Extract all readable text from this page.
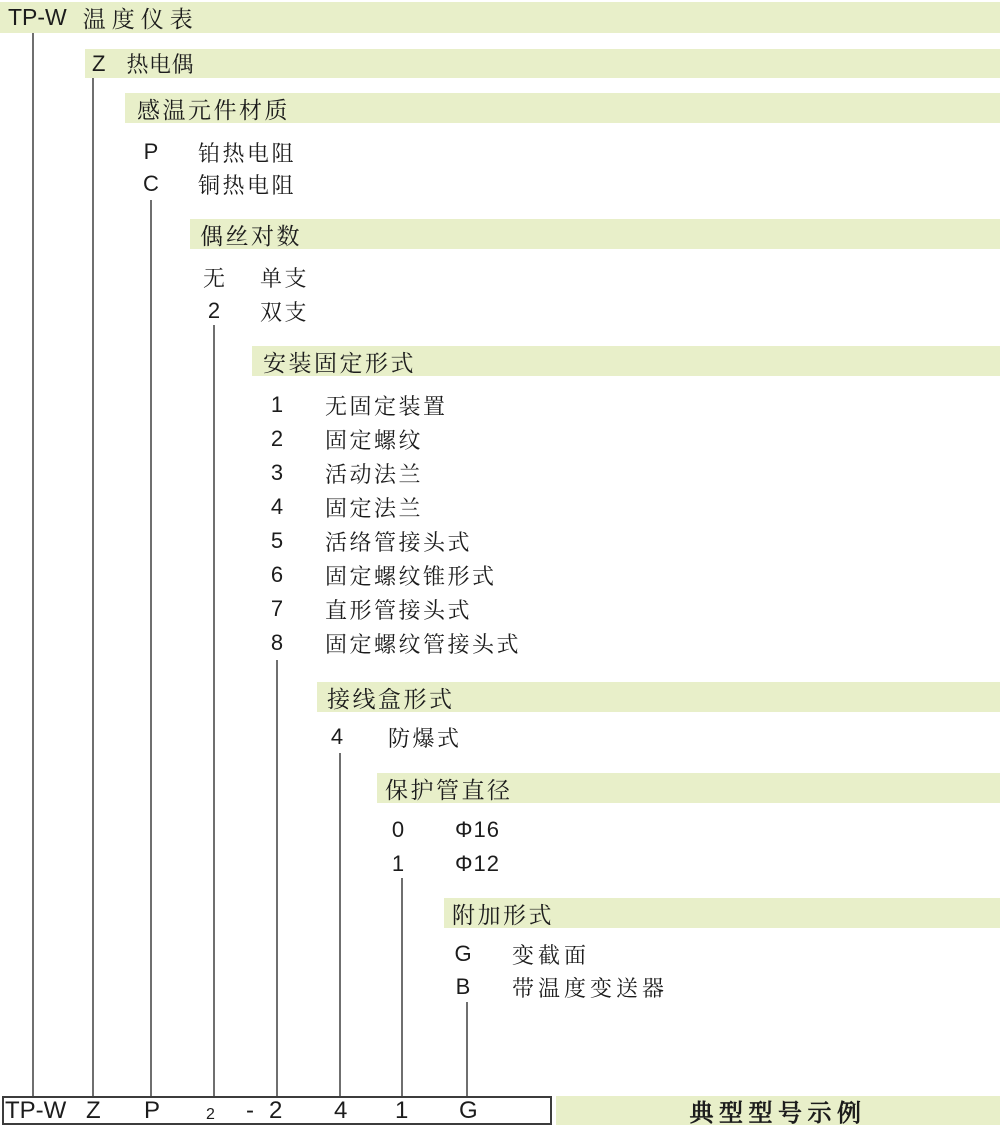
TP-W 温度仪表
Z 热电偶
感温元件材质
P	铂热电阻
C	铜热电阻
偶丝对数
无 单支
2	双支
安装固定形式
1	无固定装置
2	固定螺纹
3	活动法兰
4	固定法兰
5	活络管接头式
6	固定螺纹锥形式
7	直形管接头式
8	固定螺纹管接头式
接线盒形式
4	防爆式
保护管直径
0	Φ16
1	Φ12
附加形式
G 变截面
B	带温度变送器
TP-W Z P	2 - 2 4 1 G	典型型号示例
